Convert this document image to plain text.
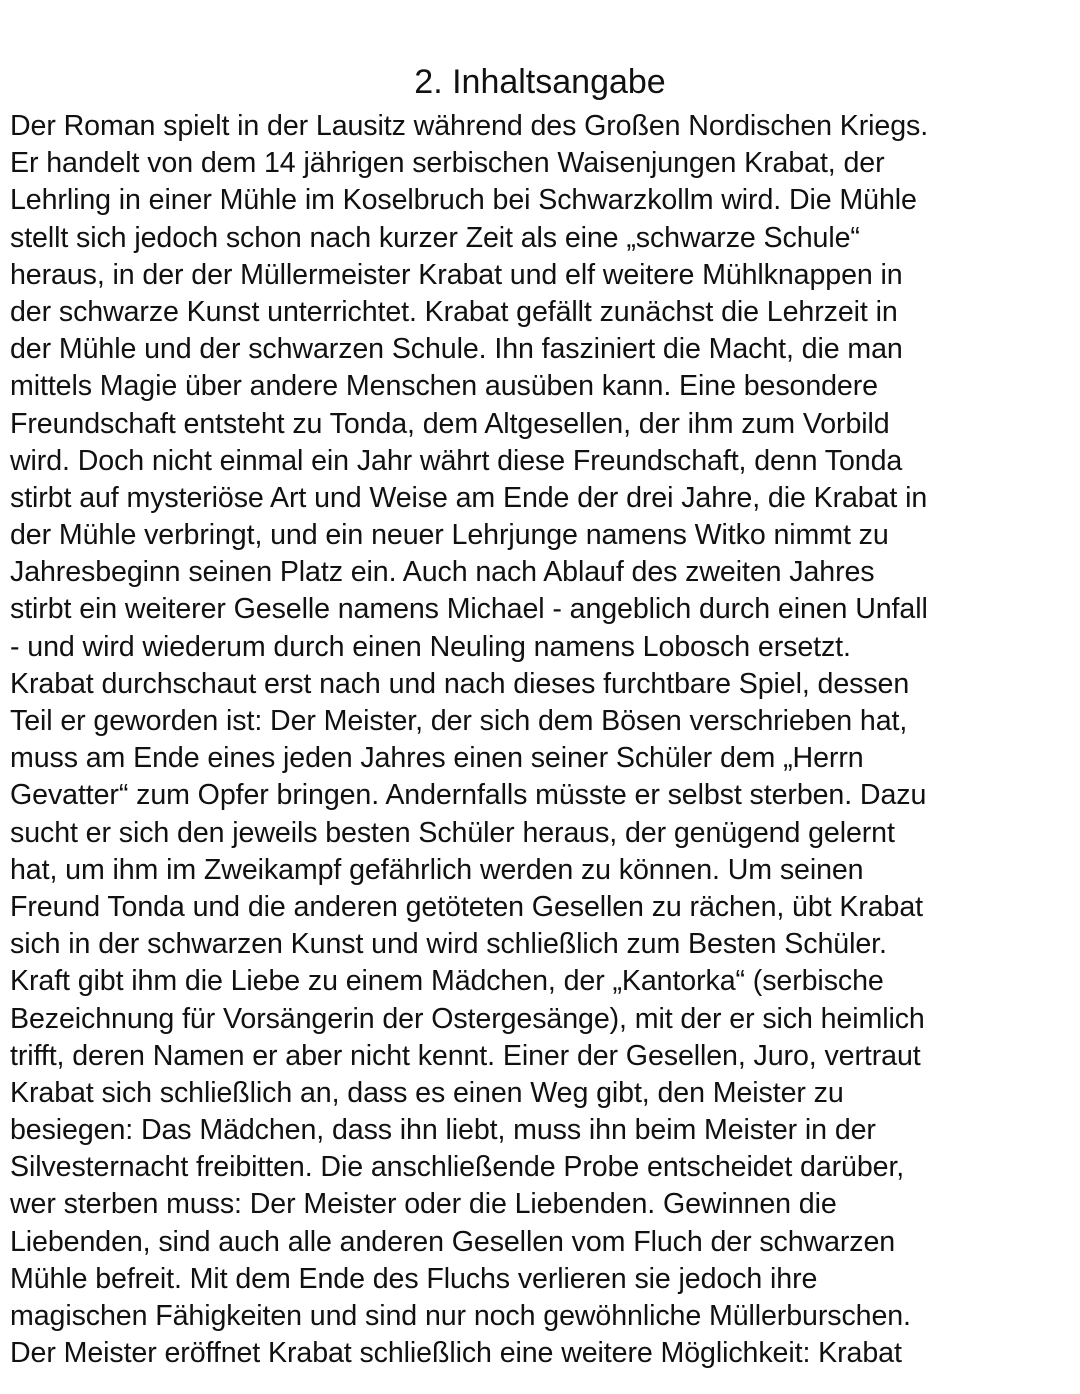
2. Inhaltsangabe
Der Roman spielt in der Lausitz während des Großen Nordischen Kriegs.
Er handelt von dem 14 jährigen serbischen Waisenjungen Krabat, der
Lehrling in einer Mühle im Koselbruch bei Schwarzkollm wird. Die Mühle
stellt sich jedoch schon nach kurzer Zeit als eine „schwarze Schule“
heraus, in der der Müllermeister Krabat und elf weitere Mühlknappen in
der schwarze Kunst unterrichtet. Krabat gefällt zunächst die Lehrzeit in
der Mühle und der schwarzen Schule. Ihn fasziniert die Macht, die man
mittels Magie über andere Menschen ausüben kann. Eine besondere
Freundschaft entsteht zu Tonda, dem Altgesellen, der ihm zum Vorbild
wird. Doch nicht einmal ein Jahr währt diese Freundschaft, denn Tonda
stirbt auf mysteriöse Art und Weise am Ende der drei Jahre, die Krabat in
der Mühle verbringt, und ein neuer Lehrjunge namens Witko nimmt zu
Jahresbeginn seinen Platz ein. Auch nach Ablauf des zweiten Jahres
stirbt ein weiterer Geselle namens Michael - angeblich durch einen Unfall
- und wird wiederum durch einen Neuling namens Lobosch ersetzt.
Krabat durchschaut erst nach und nach dieses furchtbare Spiel, dessen
Teil er geworden ist: Der Meister, der sich dem Bösen verschrieben hat,
muss am Ende eines jeden Jahres einen seiner Schüler dem „Herrn
Gevatter“ zum Opfer bringen. Andernfalls müsste er selbst sterben. Dazu
sucht er sich den jeweils besten Schüler heraus, der genügend gelernt
hat, um ihm im Zweikampf gefährlich werden zu können. Um seinen
Freund Tonda und die anderen getöteten Gesellen zu rächen, übt Krabat
sich in der schwarzen Kunst und wird schließlich zum Besten Schüler.
Kraft gibt ihm die Liebe zu einem Mädchen, der „Kantorka“ (serbische
Bezeichnung für Vorsängerin der Ostergesänge), mit der er sich heimlich
trifft, deren Namen er aber nicht kennt. Einer der Gesellen, Juro, vertraut
Krabat sich schließlich an, dass es einen Weg gibt, den Meister zu
besiegen: Das Mädchen, dass ihn liebt, muss ihn beim Meister in der
Silvesternacht freibitten. Die anschließende Probe entscheidet darüber,
wer sterben muss: Der Meister oder die Liebenden. Gewinnen die
Liebenden, sind auch alle anderen Gesellen vom Fluch der schwarzen
Mühle befreit. Mit dem Ende des Fluchs verlieren sie jedoch ihre
magischen Fähigkeiten und sind nur noch gewöhnliche Müllerburschen.
Der Meister eröffnet Krabat schließlich eine weitere Möglichkeit: Krabat
